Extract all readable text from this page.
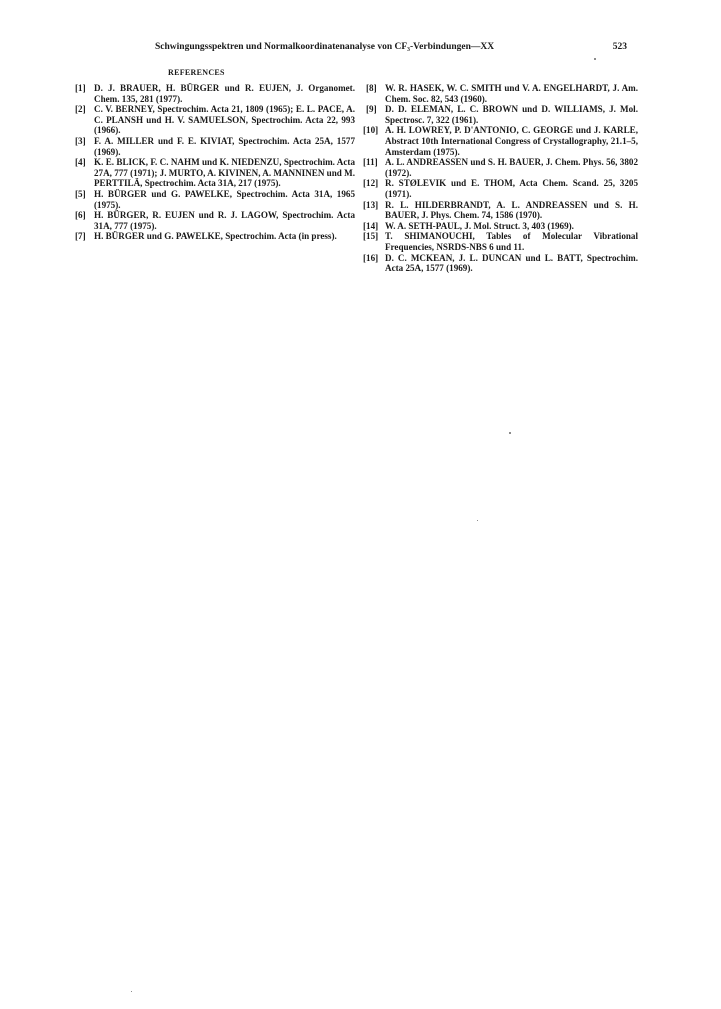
Schwingungsspektren und Normalkoordinatenanalyse von CF₃-Verbindungen—XX	523
REFERENCES
[1] D. J. BRAUER, H. BÜRGER und R. EUJEN, J. Organomet. Chem. 135, 281 (1977).
[2] C. V. BERNEY, Spectrochim. Acta 21, 1809 (1965); E. L. PACE, A. C. PLANSH und H. V. SAMUELSON, Spectrochim. Acta 22, 993 (1966).
[3] F. A. MILLER und F. E. KIVIAT, Spectrochim. Acta 25A, 1577 (1969).
[4] K. E. BLICK, F. C. NAHM und K. NIEDENZU, Spectrochim. Acta 27A, 777 (1971); J. MURTO, A. KIVINEN, A. MANNINEN und M. PERTTILÄ, Spectrochim. Acta 31A, 217 (1975).
[5] H. BÜRGER und G. PAWELKE, Spectrochim. Acta 31A, 1965 (1975).
[6] H. BÜRGER, R. EUJEN und R. J. LAGOW, Spectrochim. Acta 31A, 777 (1975).
[7] H. BÜRGER und G. PAWELKE, Spectrochim. Acta (in press).
[8] W. R. HASEK, W. C. SMITH und V. A. ENGELHARDT, J. Am. Chem. Soc. 82, 543 (1960).
[9] D. D. ELEMAN, L. C. BROWN und D. WILLIAMS, J. Mol. Spectrosc. 7, 322 (1961).
[10] A. H. LOWREY, P. D'ANTONIO, C. GEORGE und J. KARLE, Abstract 10th International Congress of Crystallography, 21.1–5, Amsterdam (1975).
[11] A. L. ANDREASSEN und S. H. BAUER, J. Chem. Phys. 56, 3802 (1972).
[12] R. STØLEVIK und E. THOM, Acta Chem. Scand. 25, 3205 (1971).
[13] R. L. HILDERBRANDT, A. L. ANDREASSEN und S. H. BAUER, J. Phys. Chem. 74, 1586 (1970).
[14] W. A. SETH-PAUL, J. Mol. Struct. 3, 403 (1969).
[15] T. SHIMANOUCHI, Tables of Molecular Vibrational Frequencies, NSRDS-NBS 6 und 11.
[16] D. C. MCKEAN, J. L. DUNCAN und L. BATT, Spectrochim. Acta 25A, 1577 (1969).
